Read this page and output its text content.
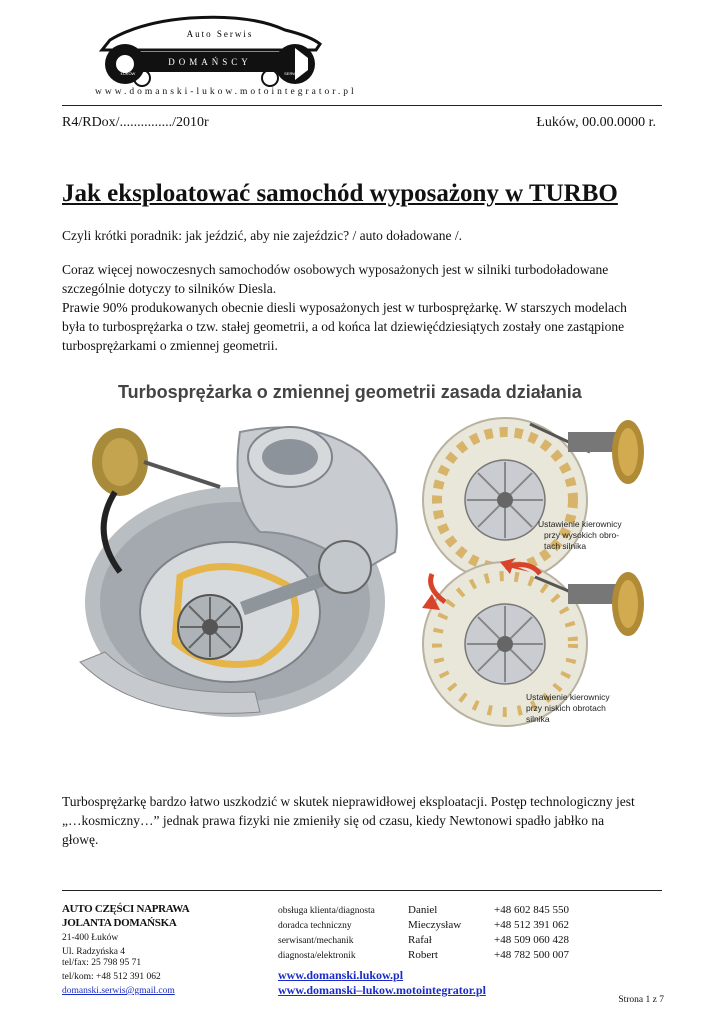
Auto Serwis
DOMAŃSCY
ŁUKÓW	SERWIS
www.domanski-lukow.motointegrator.pl
R4/RDox/.............../2010r	Łuków, 00.00.0000 r.
Jak eksploatować samochód wyposażony w TURBO
Czyli krótki poradnik: jak jeździć, aby nie zajeździc? / auto doładowane /.
Coraz więcej nowoczesnych samochodów osobowych wyposażonych jest w silniki turbodoładowane
szczególnie dotyczy to silników Diesla.
Prawie 90% produkowanych obecnie diesli wyposażonych jest w turbosprężarkę. W starszych modelach
była to turbosprężarka o tzw. stałej geometrii, a od końca lat dziewięćdziesiątych zostały one zastąpione
turbosprężarkami o zmiennej geometrii.
Turbosprężarka o zmiennej geometrii zasada działania
Ustawienie kierownicy
przy wysokich obro-
tach silnika
Ustawienie kierownicy
przy niskich obrotach
silnika
Turbosprężarkę bardzo łatwo uszkodzić w skutek nieprawidłowej eksploatacji. Postęp technologiczny jest
„…kosmiczny…” jednak prawa fizyki nie zmieniły się od czasu, kiedy Newtonowi spadło jabłko na
głowę.
AUTO CZĘŚCI NAPRAWA
JOLANTA DOMAŃSKA
21-400 Łuków
Ul. Radzyńska 4
tel/fax: 25 798 95 71
tel/kom: +48 512 391 062
domanski.serwis@gmail.com
obsługa klienta/diagnosta
doradca techniczny
serwisant/mechanik
diagnosta/elektronik
Daniel
Mieczysław
Rafał
Robert
+48 602 845 550
+48 512 391 062
+48 509 060 428
+48 782 500 007
www.domanski.lukow.pl
www.domanski–lukow.motointegrator.pl
Strona 1 z 7
